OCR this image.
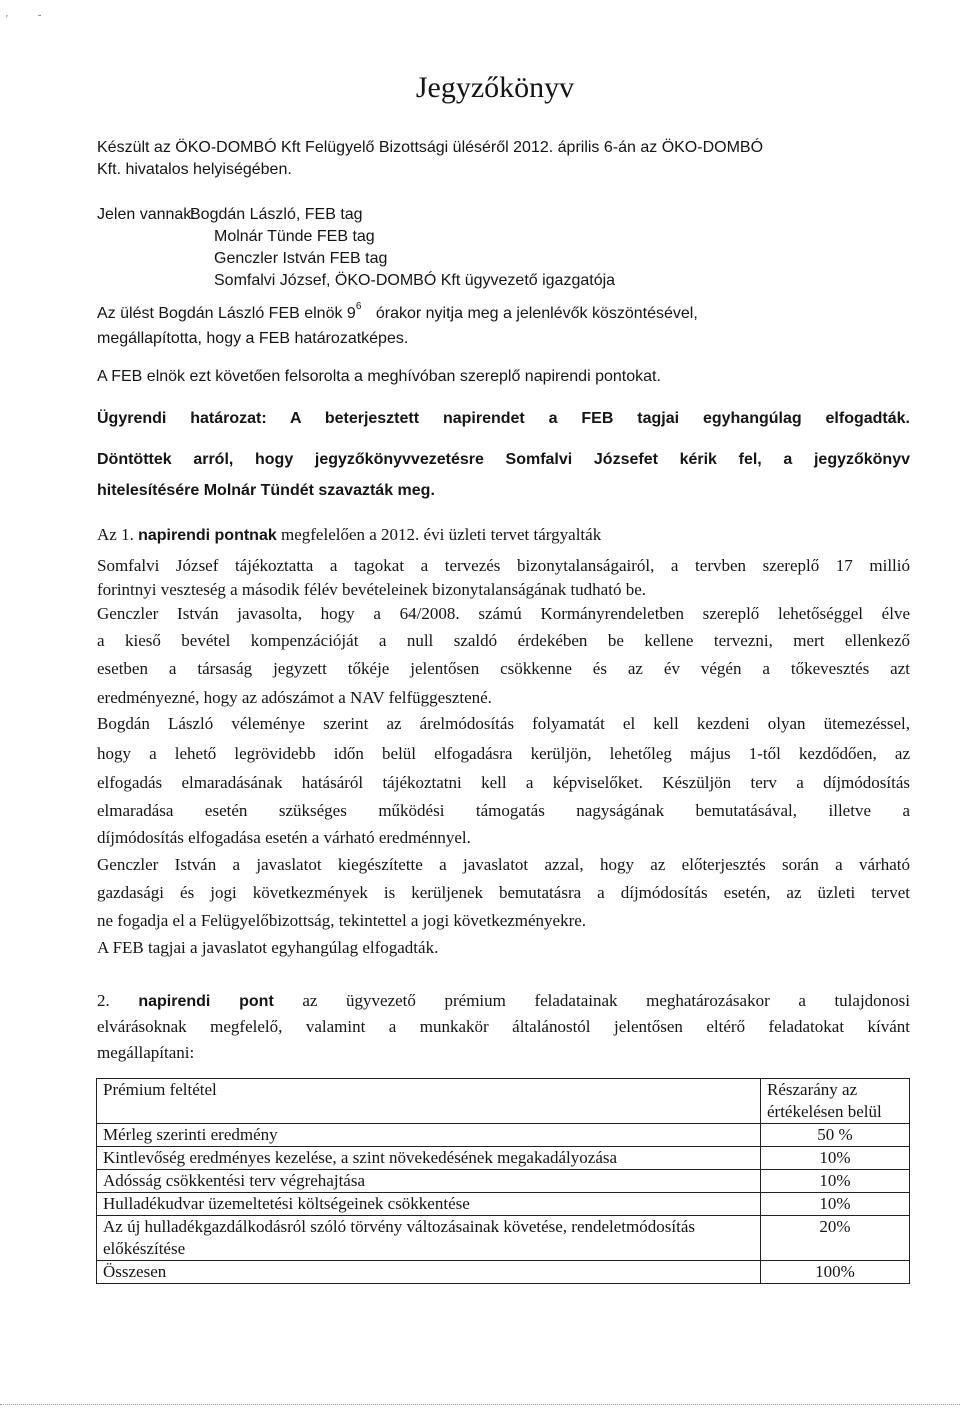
'	˘
Jegyzőkönyv
Készült az ÖKO-DOMBÓ Kft Felügyelő Bizottsági üléséről 2012. április 6-án az ÖKO-DOMBÓ
Kft. hivatalos helyiségében.
Jelen vannak:
Bogdán László, FEB tag
Molnár Tünde FEB tag
Genczler István FEB tag
Somfalvi József, ÖKO-DOMBÓ Kft ügyvezető igazgatója
Az ülést Bogdán László FEB elnök $9^6$ órakor nyitja meg a jelenlévők köszöntésével,
megállapította, hogy a FEB határozatképes.
A FEB elnök ezt követően felsorolta a meghívóban szereplő napirendi pontokat.
Ügyrendi határozat: A beterjesztett napirendet a FEB tagjai egyhangúlag elfogadták.
Döntöttek arról, hogy jegyzőkönyvvezetésre Somfalvi Józsefet kérik fel, a jegyzőkönyv
hitelesítésére Molnár Tündét szavazták meg.
Az 1. napirendi pontnak megfelelően a 2012. évi üzleti tervet tárgyalták
Somfalvi József tájékoztatta a tagokat a tervezés bizonytalanságairól, a tervben szereplő 17 millió
forintnyi veszteség a második félév bevételeinek bizonytalanságának tudható be.
Genczler István javasolta, hogy a 64/2008. számú Kormányrendeletben szereplő lehetőséggel élve
a kieső bevétel kompenzációját a null szaldó érdekében be kellene tervezni, mert ellenkező
esetben a társaság jegyzett tőkéje jelentősen csökkenne és az év végén a tőkevesztés azt
eredményezné, hogy az adószámot a NAV felfüggesztené.
Bogdán László véleménye szerint az árelmódosítás folyamatát el kell kezdeni olyan ütemezéssel,
hogy a lehető legrövidebb időn belül elfogadásra kerüljön, lehetőleg május 1-től kezdődően, az
elfogadás elmaradásának hatásáról tájékoztatni kell a képviselőket. Készüljön terv a díjmódosítás
elmaradása esetén szükséges működési támogatás nagyságának bemutatásával, illetve a
díjmódosítás elfogadása esetén a várható eredménnyel.
Genczler István a javaslatot kiegészítette a javaslatot azzal, hogy az előterjesztés során a várható
gazdasági és jogi következmények is kerüljenek bemutatásra a díjmódosítás esetén, az üzleti tervet
ne fogadja el a Felügyelőbizottság, tekintettel a jogi következményekre.
A FEB tagjai a javaslatot egyhangúlag elfogadták.
2. napirendi pont az ügyvezető prémium feladatainak meghatározásakor a tulajdonosi
elvárásoknak megfelelő, valamint a munkakör általánostól jelentősen eltérő feladatokat kívánt
megállapítani:
Prémium feltétel	Részarány az értékelésen belül
Mérleg szerinti eredmény	50 %
Kintlevőség eredményes kezelése, a szint növekedésének megakadályozása	10%
Adósság csökkentési terv végrehajtása	10%
Hulladékudvar üzemeltetési költségeinek csökkentése	10%
Az új hulladékgazdálkodásról szóló törvény változásainak követése, rendeletmódosítás előkészítése	20%
Összesen	100%
